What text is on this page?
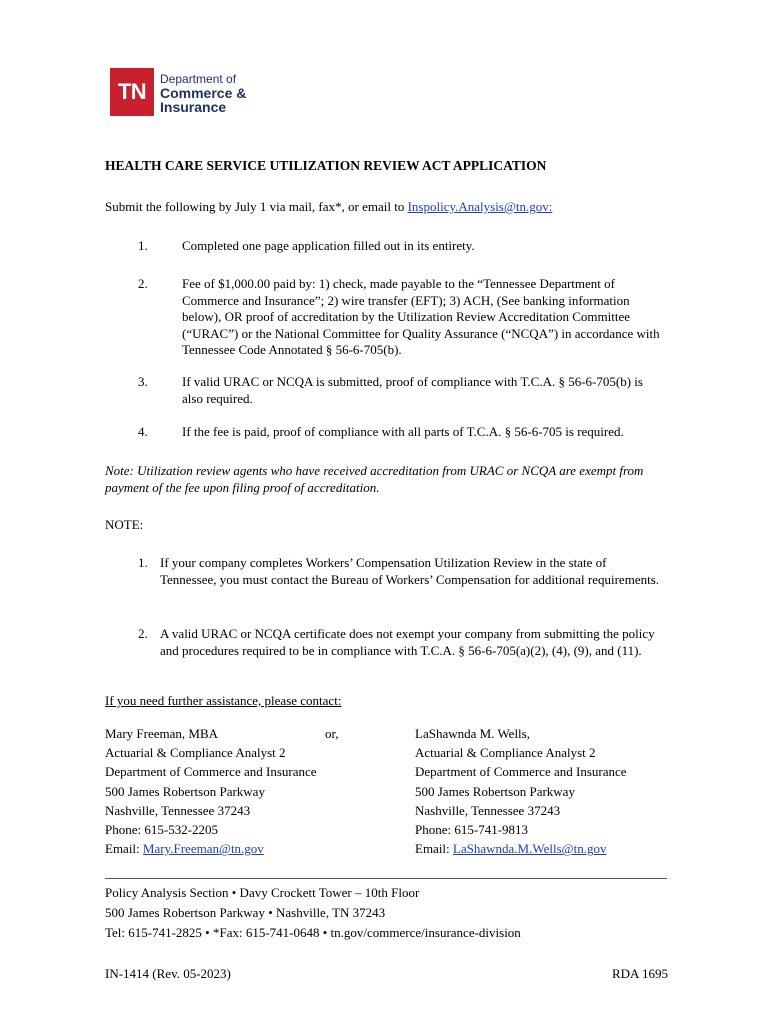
TN	Department of
Commerce &
Insurance
HEALTH CARE SERVICE UTILIZATION REVIEW ACT APPLICATION
Submit the following by July 1 via mail, fax*, or email to Inspolicy.Analysis@tn.gov:
1.	Completed one page application filled out in its entirety.
2.	Fee of $1,000.00 paid by: 1) check, made payable to the “Tennessee Department of Commerce and Insurance”; 2) wire transfer (EFT); 3) ACH, (See banking information below), OR proof of accreditation by the Utilization Review Accreditation Committee (“URAC”) or the National Committee for Quality Assurance (“NCQA”) in accordance with Tennessee Code Annotated § 56-6-705(b).
3.	If valid URAC or NCQA is submitted, proof of compliance with T.C.A. § 56-6-705(b) is also required.
4.	If the fee is paid, proof of compliance with all parts of T.C.A. § 56-6-705 is required.
Note: Utilization review agents who have received accreditation from URAC or NCQA are exempt from payment of the fee upon filing proof of accreditation.
NOTE:
1. If your company completes Workers’ Compensation Utilization Review in the state of Tennessee, you must contact the Bureau of Workers’ Compensation for additional requirements.
2. A valid URAC or NCQA certificate does not exempt your company from submitting the policy and procedures required to be in compliance with T.C.A. § 56-6-705(a)(2), (4), (9), and (11).
If you need further assistance, please contact:
Mary Freeman, MBA
Actuarial & Compliance Analyst 2
Department of Commerce and Insurance
500 James Robertson Parkway
Nashville, Tennessee 37243
Phone: 615-532-2205
Email: Mary.Freeman@tn.gov
or,	LaShawnda M. Wells,
Actuarial & Compliance Analyst 2
Department of Commerce and Insurance
500 James Robertson Parkway
Nashville, Tennessee 37243
Phone: 615-741-9813
Email: LaShawnda.M.Wells@tn.gov
Policy Analysis Section • Davy Crockett Tower – 10th Floor
500 James Robertson Parkway • Nashville, TN 37243
Tel: 615-741-2825 • *Fax: 615-741-0648 • tn.gov/commerce/insurance-division
IN-1414 (Rev. 05-2023)	RDA 1695
